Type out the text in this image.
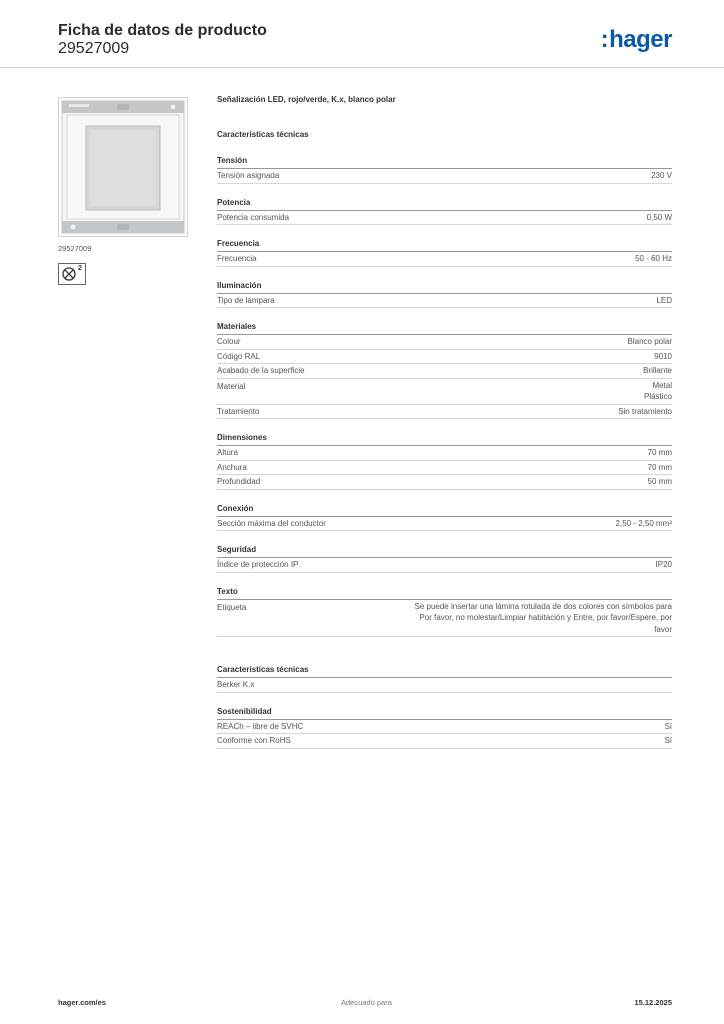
Ficha de datos de producto
29527009	:hager
29527009
2
Señalización LED, rojo/verde, K.x, blanco polar
Características técnicas
Tensión
Tensión asignada	230 V
Potencia
Potencia consumida	0,50 W
Frecuencia
Frecuencia	50 - 60 Hz
Iluminación
Tipo de lámpara	LED
Materiales
Colour	Blanco polar
Código RAL	9010
Acabado de la superficie	Brillante
Material	Metal
Plástico
Tratamiento	Sin tratamiento
Dimensiones
Altura	70 mm
Anchura	70 mm
Profundidad	50 mm
Conexión
Sección máxima del conductor	2,50 - 2,50 mm²
Seguridad
Índice de protección IP	IP20
Texto
Etiqueta	Se puede insertar una lámina rotulada de dos colores con símbolos para
Por favor, no molestar/Limpiar habitación y Entre, por favor/Espere, por
favor
Características técnicas
Berker K.x
Sostenibilidad
REACh – libre de SVHC	Sí
Conforme con RoHS	Sí
hager.com/es	Adecuado para	15.12.2025
